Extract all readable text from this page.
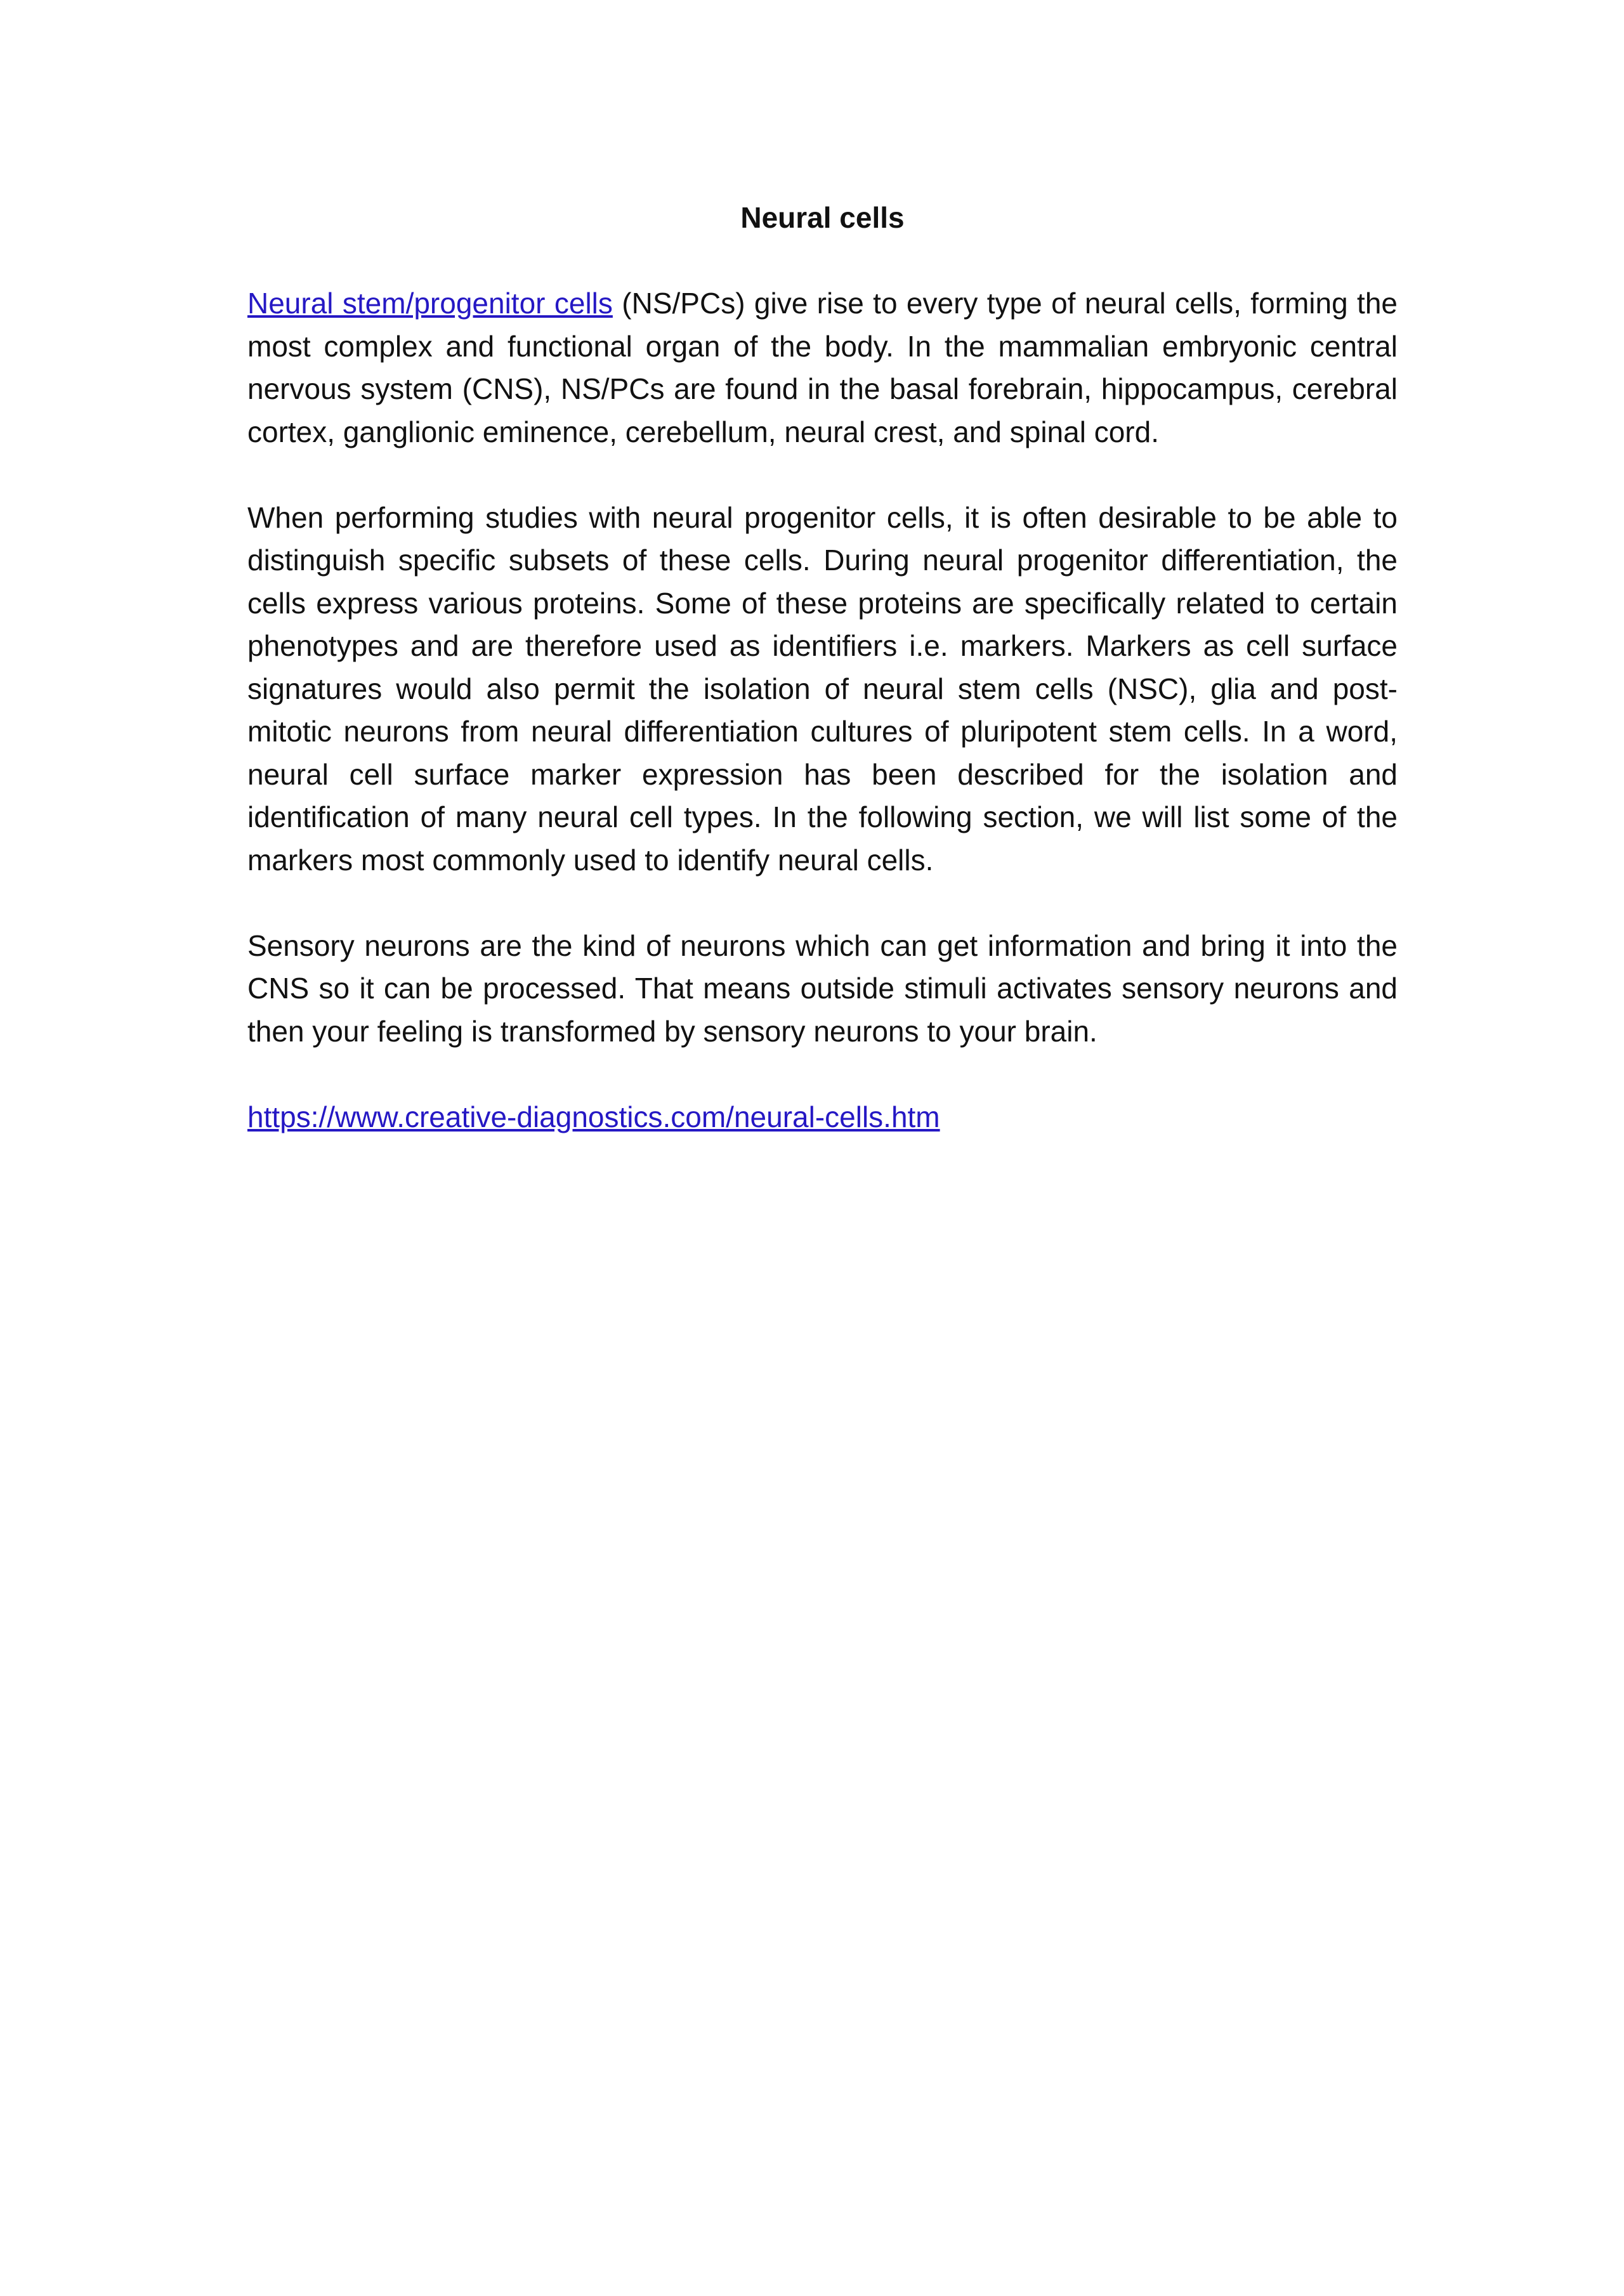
Neural cells

Neural stem/progenitor cells (NS/PCs) give rise to every type of neural cells, forming the most complex and functional organ of the body. In the mammalian embryonic central nervous system (CNS), NS/PCs are found in the basal forebrain, hippocampus, cerebral cortex, ganglionic eminence, cerebellum, neural crest, and spinal cord.

When performing studies with neural progenitor cells, it is often desirable to be able to distinguish specific subsets of these cells. During neural progenitor differentiation, the cells express various proteins. Some of these proteins are specifically related to certain phenotypes and are therefore used as identifiers i.e. markers. Markers as cell surface signatures would also permit the isolation of neural stem cells (NSC), glia and post-mitotic neurons from neural differentiation cultures of pluripotent stem cells. In a word, neural cell surface marker expression has been described for the isolation and identification of many neural cell types. In the following section, we will list some of the markers most commonly used to identify neural cells.

Sensory neurons are the kind of neurons which can get information and bring it into the CNS so it can be processed. That means outside stimuli activates sensory neurons and then your feeling is transformed by sensory neurons to your brain.

https://www.creative-diagnostics.com/neural-cells.htm
